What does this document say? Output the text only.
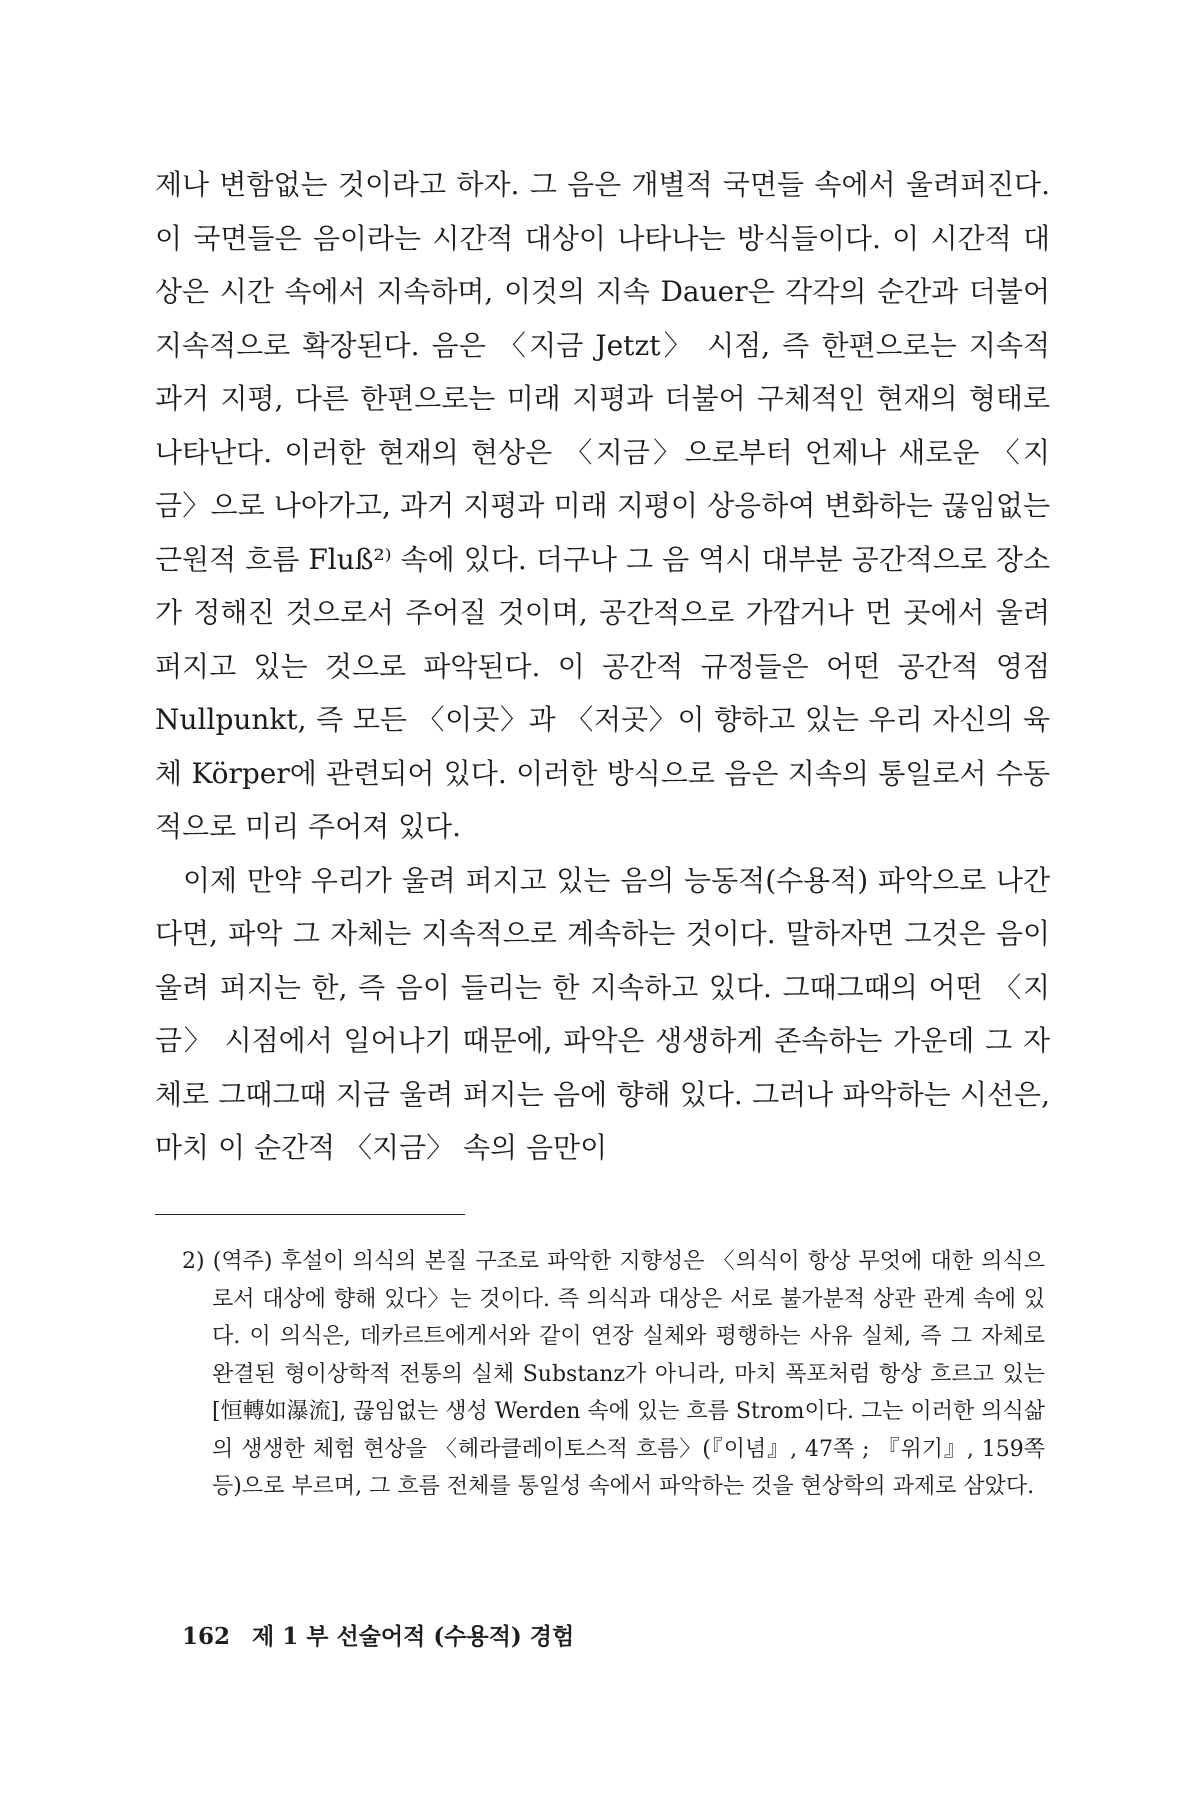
제나 변함없는 것이라고 하자. 그 음은 개별적 국면들 속에서 울려퍼진다. 이 국면들은 음이라는 시간적 대상이 나타나는 방식들이다. 이 시간적 대상은 시간 속에서 지속하며, 이것의 지속 Dauer은 각각의 순간과 더불어 지속적으로 확장된다. 음은 〈지금 Jetzt〉 시점, 즉 한편으로는 지속적 과거 지평, 다른 한편으로는 미래 지평과 더불어 구체적인 현재의 형태로 나타난다. 이러한 현재의 현상은 〈지금〉으로부터 언제나 새로운 〈지금〉으로 나아가고, 과거 지평과 미래 지평이 상응하여 변화하는 끊임없는 근원적 흐름 Fluß²⁾ 속에 있다. 더구나 그 음 역시 대부분 공간적으로 장소가 정해진 것으로서 주어질 것이며, 공간적으로 가깝거나 먼 곳에서 울려 퍼지고 있는 것으로 파악된다. 이 공간적 규정들은 어떤 공간적 영점 Nullpunkt, 즉 모든 〈이곳〉과 〈저곳〉이 향하고 있는 우리 자신의 육체 Körper에 관련되어 있다. 이러한 방식으로 음은 지속의 통일로서 수동적으로 미리 주어져 있다.

이제 만약 우리가 울려 퍼지고 있는 음의 능동적(수용적) 파악으로 나간다면, 파악 그 자체는 지속적으로 계속하는 것이다. 말하자면 그것은 음이 울려 퍼지는 한, 즉 음이 들리는 한 지속하고 있다. 그때그때의 어떤 〈지금〉 시점에서 일어나기 때문에, 파악은 생생하게 존속하는 가운데 그 자체로 그때그때 지금 울려 퍼지는 음에 향해 있다. 그러나 파악하는 시선은, 마치 이 순간적 〈지금〉 속의 음만이

2) (역주) 후설이 의식의 본질 구조로 파악한 지향성은 〈의식이 항상 무엇에 대한 의식으로서 대상에 향해 있다〉는 것이다. 즉 의식과 대상은 서로 불가분적 상관 관계 속에 있다. 이 의식은, 데카르트에게서와 같이 연장 실체와 평행하는 사유 실체, 즉 그 자체로 완결된 형이상학적 전통의 실체 Substanz가 아니라, 마치 폭포처럼 항상 흐르고 있는[恒轉如瀑流], 끊임없는 생성 Werden 속에 있는 흐름 Strom이다. 그는 이러한 의식삶의 생생한 체험 현상을 〈헤라클레이토스적 흐름〉(『이념』, 47쪽 ; 『위기』, 159쪽 등)으로 부르며, 그 흐름 전체를 통일성 속에서 파악하는 것을 현상학의 과제로 삼았다.

162 제 1 부 선술어적 (수용적) 경험
